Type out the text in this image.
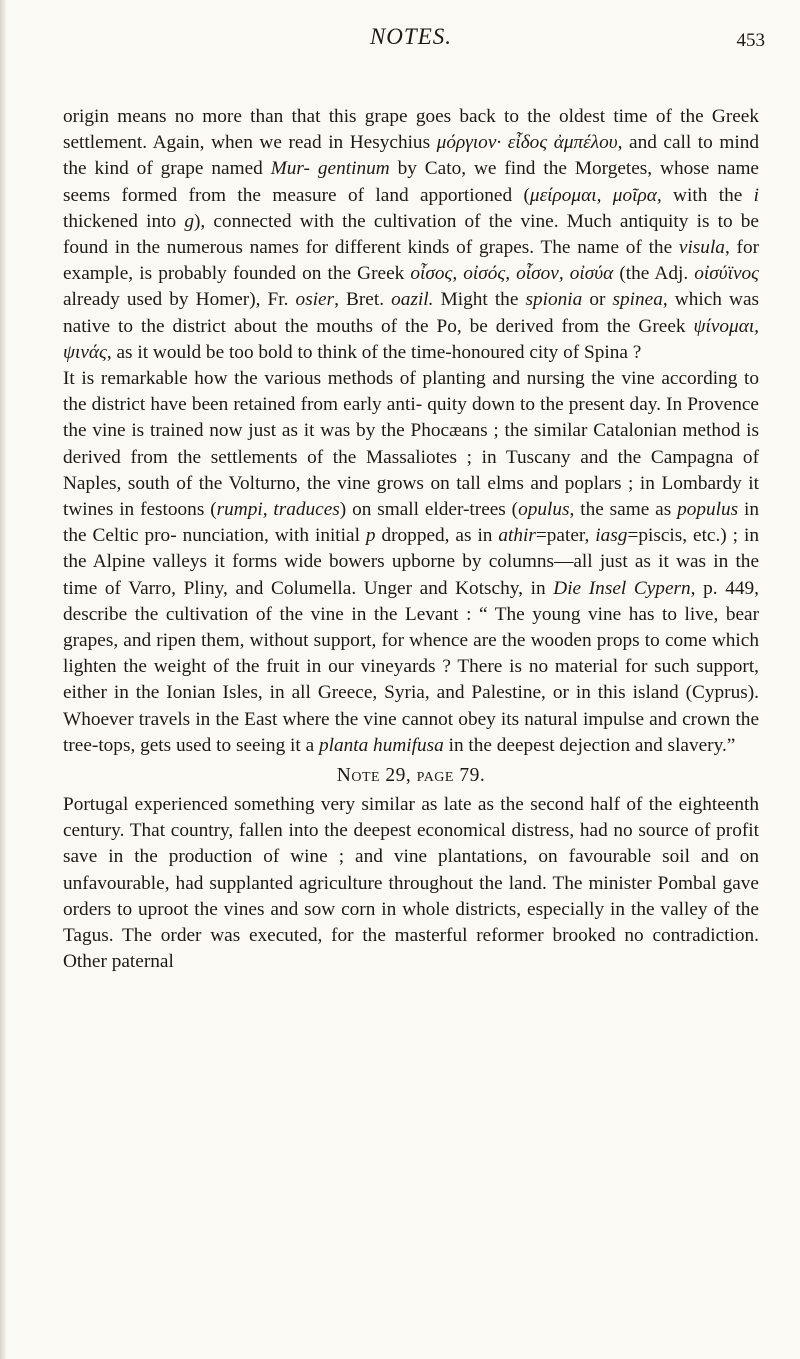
NOTES.	453

origin means no more than that this grape goes back to the oldest time of the Greek settlement. Again, when we read in Hesychius μόργιον· εἶδος ἀμπέλου, and call to mind the kind of grape named Mur- gentinum by Cato, we find the Morgetes, whose name seems formed from the measure of land apportioned (μείρομαι, μοῖρα, with the i thickened into g), connected with the cultivation of the vine. Much antiquity is to be found in the numerous names for different kinds of grapes. The name of the visula, for example, is probably founded on the Greek οἶσος, οἰσός, οἶσον, οἰσύα (the Adj. οἰσύϊνος already used by Homer), Fr. osier, Bret. oazil. Might the spionia or spinea, which was native to the district about the mouths of the Po, be derived from the Greek ψίνομαι, ψινάς, as it would be too bold to think of the time-honoured city of Spina ?

It is remarkable how the various methods of planting and nursing the vine according to the district have been retained from early anti- quity down to the present day. In Provence the vine is trained now just as it was by the Phocæans ; the similar Catalonian method is derived from the settlements of the Massaliotes ; in Tuscany and the Campagna of Naples, south of the Volturno, the vine grows on tall elms and poplars ; in Lombardy it twines in festoons (rumpi, traduces) on small elder-trees (opulus, the same as populus in the Celtic pro- nunciation, with initial p dropped, as in athir=pater, iasg=piscis, etc.) ; in the Alpine valleys it forms wide bowers upborne by columns—all just as it was in the time of Varro, Pliny, and Columella. Unger and Kotschy, in Die Insel Cypern, p. 449, describe the cultivation of the vine in the Levant : “ The young vine has to live, bear grapes, and ripen them, without support, for whence are the wooden props to come which lighten the weight of the fruit in our vineyards ? There is no material for such support, either in the Ionian Isles, in all Greece, Syria, and Palestine, or in this island (Cyprus). Whoever travels in the East where the vine cannot obey its natural impulse and crown the tree-tops, gets used to seeing it a planta humifusa in the deepest dejection and slavery.”

Note 29, page 79.

Portugal experienced something very similar as late as the second half of the eighteenth century. That country, fallen into the deepest economical distress, had no source of profit save in the production of wine ; and vine plantations, on favourable soil and on unfavourable, had supplanted agriculture throughout the land. The minister Pombal gave orders to uproot the vines and sow corn in whole districts, especially in the valley of the Tagus. The order was executed, for the masterful reformer brooked no contradiction. Other paternal
